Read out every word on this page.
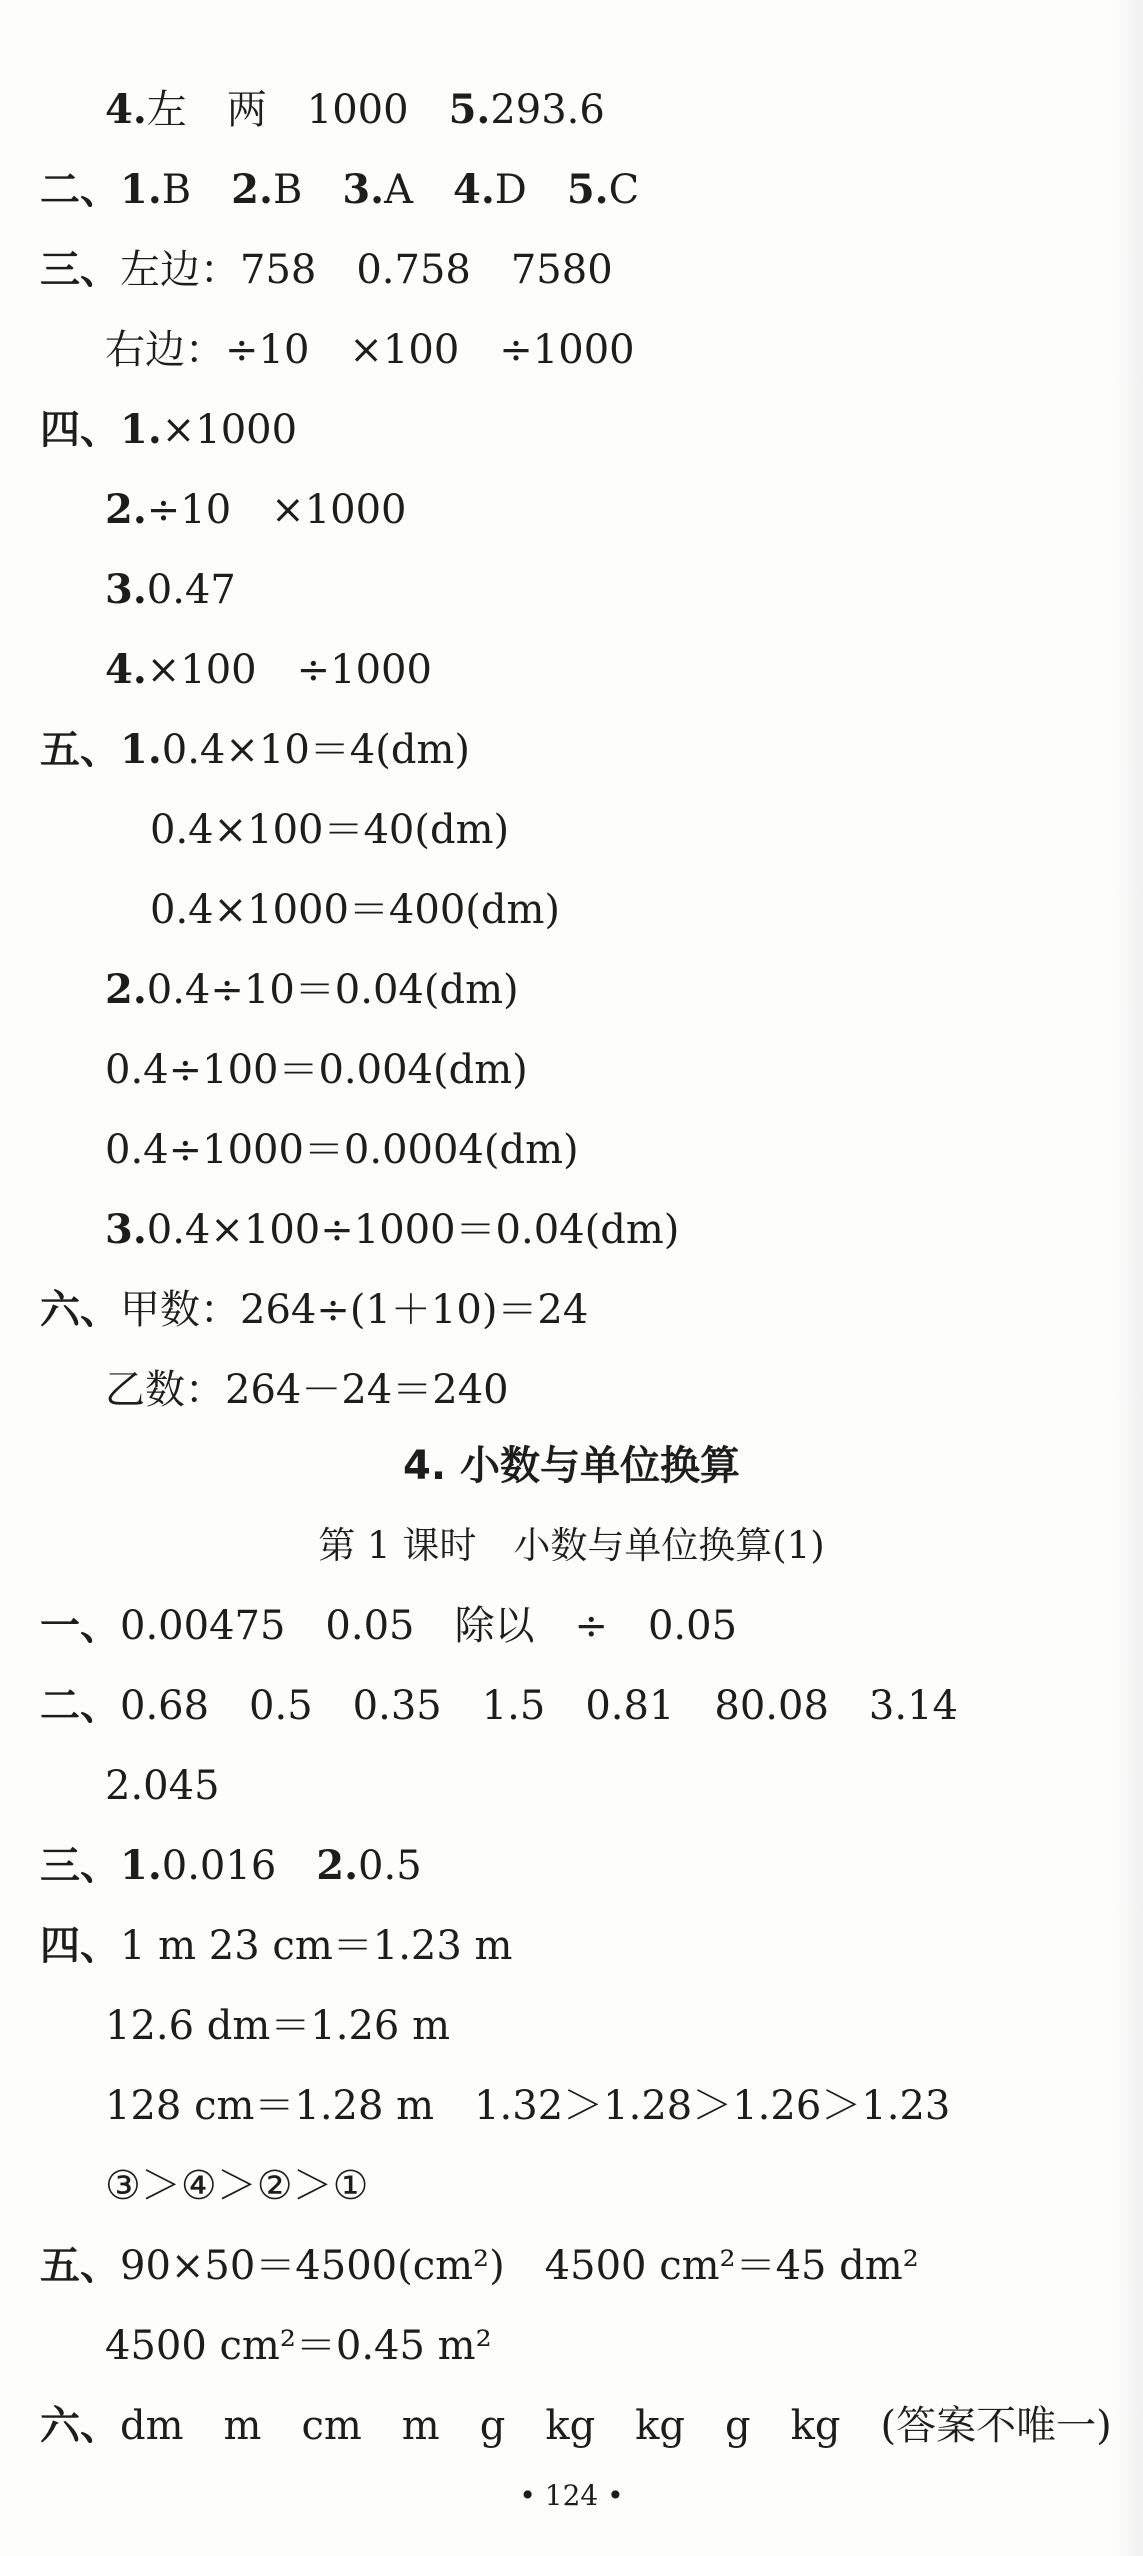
4.左　两　1000　5.293.6
二、1.B　2.B　3.A　4.D　5.C
三、左边：758　0.758　7580
右边：÷10　×100　÷1000
四、1.×1000
2.÷10　×1000
3.0.47
4.×100　÷1000
五、1.0.4×10＝4(dm)
0.4×100＝40(dm)
0.4×1000＝400(dm)
2.0.4÷10＝0.04(dm)
0.4÷100＝0.004(dm)
0.4÷1000＝0.0004(dm)
3.0.4×100÷1000＝0.04(dm)
六、甲数：264÷(1＋10)＝24
乙数：264－24＝240
4. 小数与单位换算
第 1 课时　小数与单位换算(1)
一、0.00475　0.05　除以　÷　0.05
二、0.68　0.5　0.35　1.5　0.81　80.08　3.14
2.045
三、1.0.016　2.0.5
四、1 m 23 cm＝1.23 m
12.6 dm＝1.26 m
128 cm＝1.28 m　1.32＞1.28＞1.26＞1.23
③＞④＞②＞①
五、90×50＝4500(cm²)　4500 cm²＝45 dm²
4500 cm²＝0.45 m²
六、dm　m　cm　m　g　kg　kg　g　kg　(答案不唯一)
• 124 •
